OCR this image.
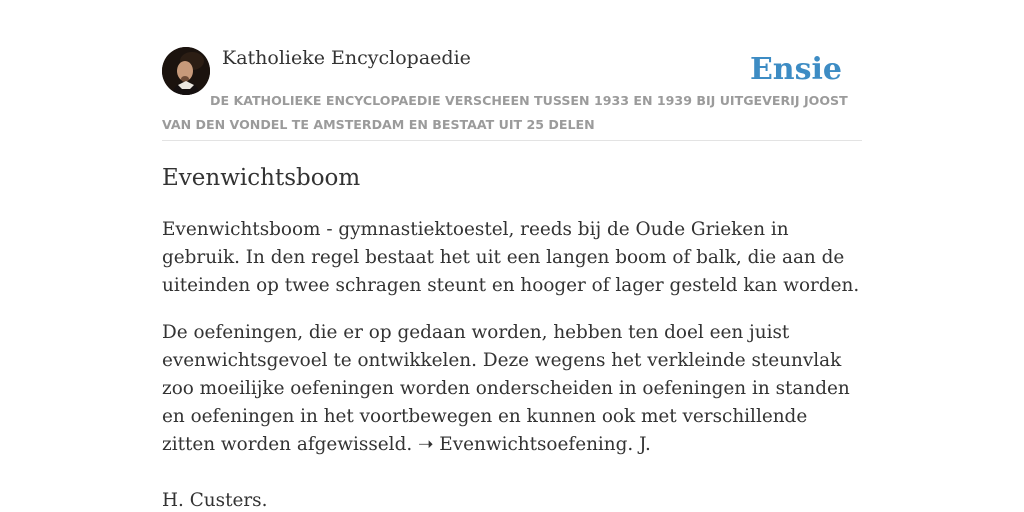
Katholieke Encyclopaedie	Ensie
DE KATHOLIEKE ENCYCLOPAEDIE VERSCHEEN TUSSEN 1933 EN 1939 BIJ UITGEVERIJ JOOST VAN DEN VONDEL TE AMSTERDAM EN BESTAAT UIT 25 DELEN
Evenwichtsboom

Evenwichtsboom - gymnastiektoestel, reeds bij de Oude Grieken in gebruik. In den regel bestaat het uit een langen boom of balk, die aan de uiteinden op twee schragen steunt en hooger of lager gesteld kan worden.

De oefeningen, die er op gedaan worden, hebben ten doel een juist evenwichtsgevoel te ontwikkelen. Deze wegens het verkleinde steunvlak zoo moeilijke oefeningen worden onderscheiden in oefeningen in standen en oefeningen in het voortbewegen en kunnen ook met verschillende zitten worden afgewisseld. ➝ Evenwichtsoefening. J.

H. Custers.
